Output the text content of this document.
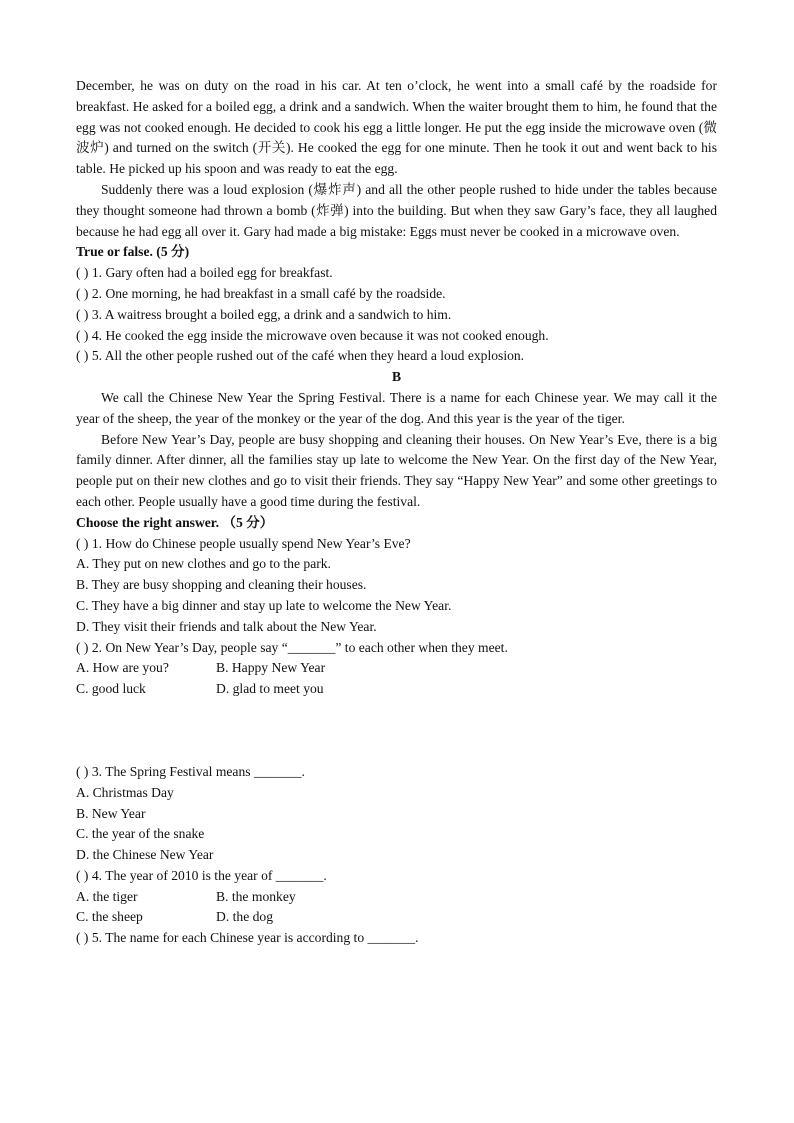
December, he was on duty on the road in his car. At ten o’clock, he went into a small café by the roadside for breakfast. He asked for a boiled egg, a drink and a sandwich. When the waiter brought them to him, he found that the egg was not cooked enough. He decided to cook his egg a little longer. He put the egg inside the microwave oven (微波炉) and turned on the switch (开关). He cooked the egg for one minute. Then he took it out and went back to his table. He picked up his spoon and was ready to eat the egg.

Suddenly there was a loud explosion (爆炸声) and all the other people rushed to hide under the tables because they thought someone had thrown a bomb (炸弹) into the building. But when they saw Gary’s face, they all laughed because he had egg all over it. Gary had made a big mistake: Eggs must never be cooked in a microwave oven.

True or false. (5 分)

( ) 1. Gary often had a boiled egg for breakfast.

( ) 2. One morning, he had breakfast in a small café by the roadside.

( ) 3. A waitress brought a boiled egg, a drink and a sandwich to him.

( ) 4. He cooked the egg inside the microwave oven because it was not cooked enough.

( ) 5. All the other people rushed out of the café when they heard a loud explosion.

B

We call the Chinese New Year the Spring Festival. There is a name for each Chinese year. We may call it the year of the sheep, the year of the monkey or the year of the dog. And this year is the year of the tiger.

Before New Year’s Day, people are busy shopping and cleaning their houses. On New Year’s Eve, there is a big family dinner. After dinner, all the families stay up late to welcome the New Year. On the first day of the New Year, people put on their new clothes and go to visit their friends. They say “Happy New Year” and some other greetings to each other. People usually have a good time during the festival.

Choose the right answer. （5 分）

( ) 1. How do Chinese people usually spend New Year’s Eve?

A. They put on new clothes and go to the park.

B. They are busy shopping and cleaning their houses.

C. They have a big dinner and stay up late to welcome the New Year.

D. They visit their friends and talk about the New Year.

( ) 2. On New Year’s Day, people say “_______” to each other when they meet.

A. How are you?	B. Happy New Year

C. good luck	D. glad to meet you

( ) 3. The Spring Festival means _______.

A. Christmas Day

B. New Year

C. the year of the snake

D. the Chinese New Year

( ) 4. The year of 2010 is the year of _______.

A. the tiger	B. the monkey

C. the sheep	D. the dog

( ) 5. The name for each Chinese year is according to _______.
